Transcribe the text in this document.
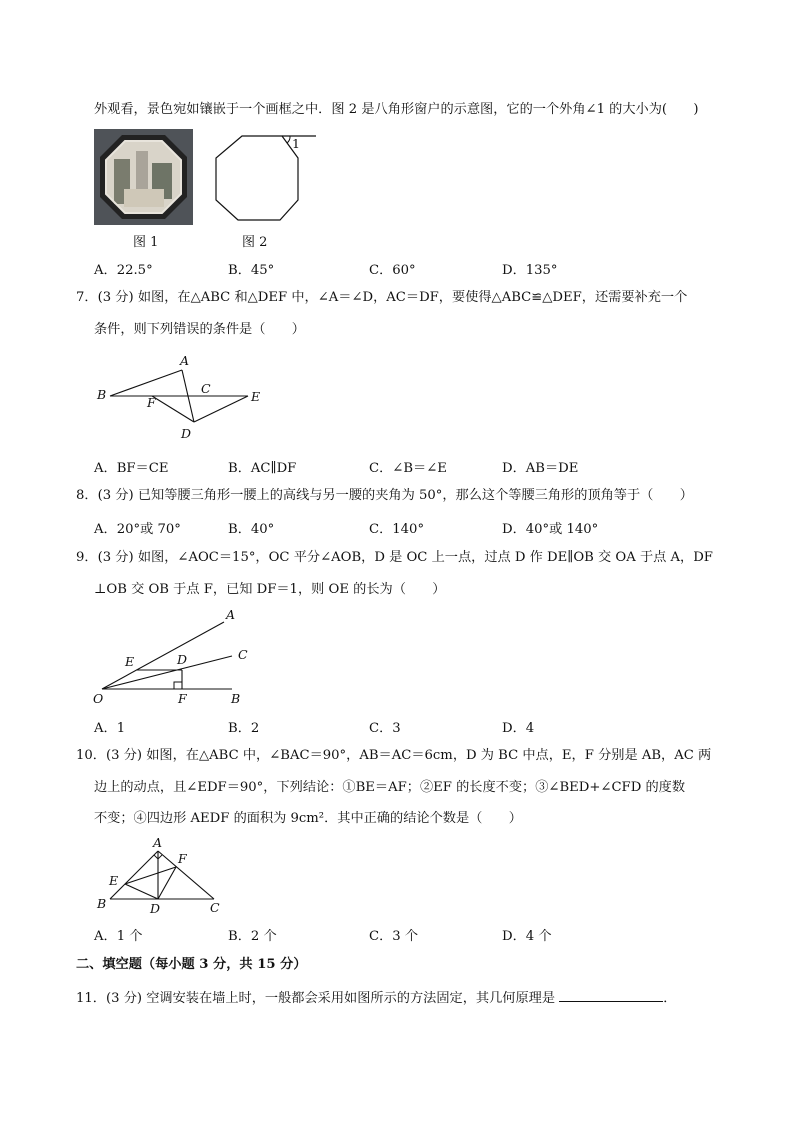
外观看，景色宛如镶嵌于一个画框之中．图 2 是八角形窗户的示意图，它的一个外角∠1 的大小为(　　)
图 1
1
图 2
A．22.5°	B．45°	C．60°	D．135°
7．(3 分) 如图，在△ABC 和△DEF 中，∠A＝∠D，AC＝DF，要使得△ABC≌△DEF，还需要补充一个
条件，则下列错误的条件是（　　）
A
B	C
D
E
F
A．BF＝CE	B．AC∥DF	C．∠B＝∠E	D．AB＝DE
8．(3 分) 已知等腰三角形一腰上的高线与另一腰的夹角为 50°，那么这个等腰三角形的顶角等于（　　）
A．20°或 70°	B．40°	C．140°	D．40°或 140°
9．(3 分) 如图，∠AOC＝15°，OC 平分∠AOB，D 是 OC 上一点，过点 D 作 DE∥OB 交 OA 于点 A，DF
⊥OB 交 OB 于点 F，已知 DF＝1，则 OE 的长为（　　）
A
C
D
E
O	F	B
A．1	B．2	C．3	D．4
10．(3 分) 如图，在△ABC 中，∠BAC＝90°，AB＝AC＝6cm，D 为 BC 中点，E，F 分别是 AB，AC 两
边上的动点，且∠EDF＝90°，下列结论：①BE＝AF；②EF 的长度不变；③∠BED+∠CFD 的度数
不变；④四边形 AEDF 的面积为 9cm²．其中正确的结论个数是（　　）
A
B	C
D
E
F
A．1 个	B．2 个	C．3 个	D．4 个
二、填空题（每小题 3 分，共 15 分）
11．(3 分) 空调安装在墙上时，一般都会采用如图所示的方法固定，其几何原理是	．
